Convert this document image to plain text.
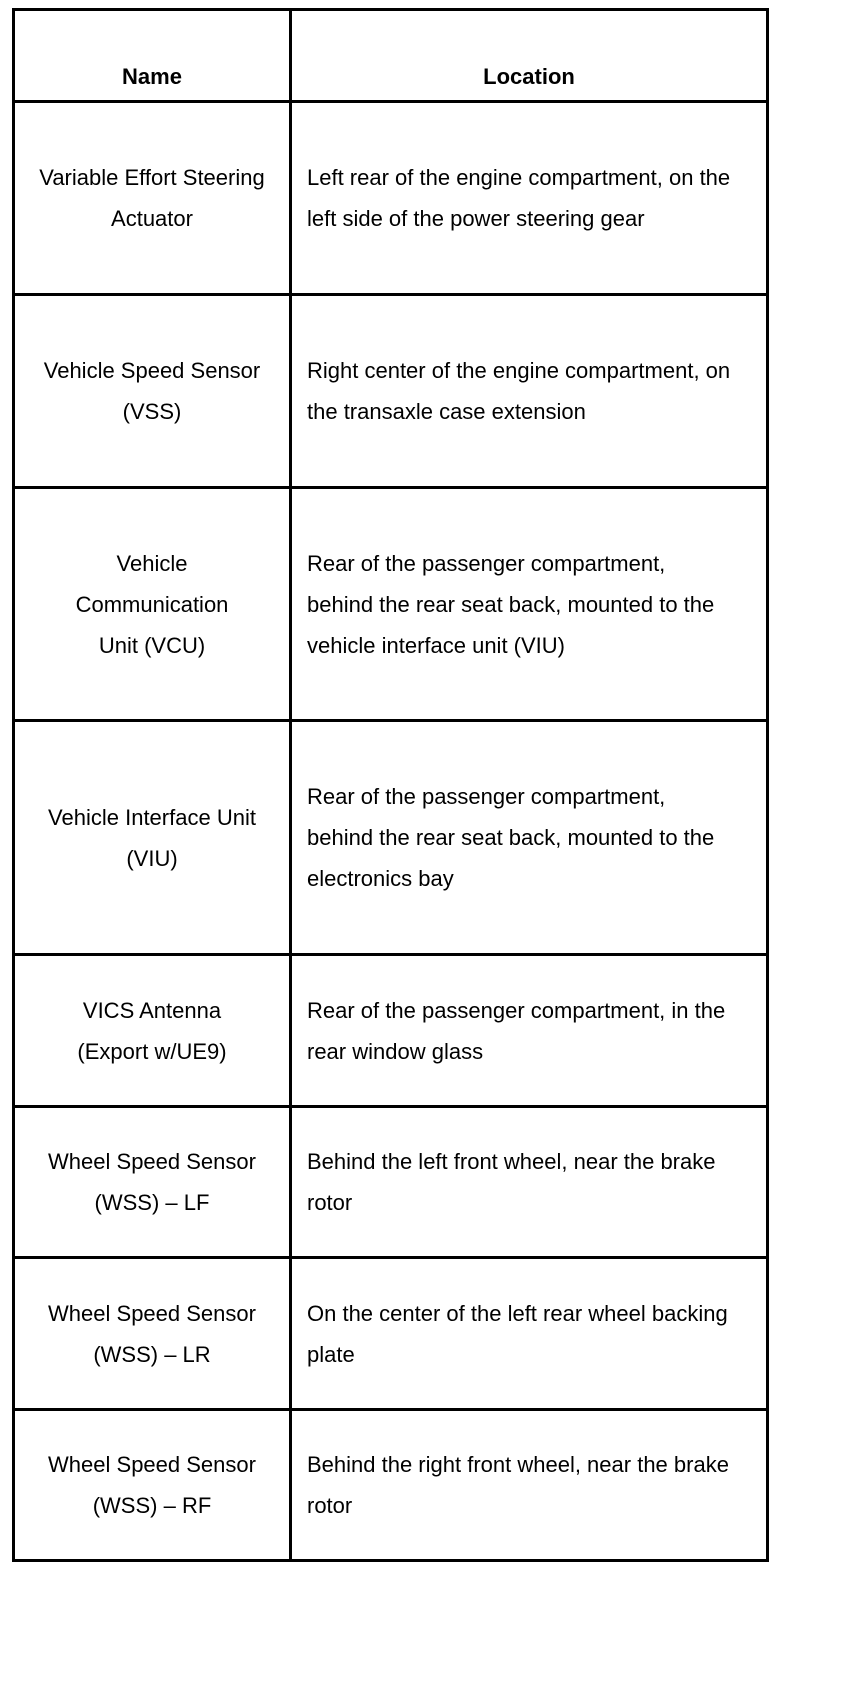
Name	Location
Variable Effort Steering Actuator	Left rear of the engine compartment, on the left side of the power steering gear
Vehicle Speed Sensor (VSS)	Right center of the engine compartment, on the transaxle case extension
Vehicle Communication Unit (VCU)	Rear of the passenger compartment, behind the rear seat back, mounted to the vehicle interface unit (VIU)
Vehicle Interface Unit (VIU)	Rear of the passenger compartment, behind the rear seat back, mounted to the electronics bay
VICS Antenna (Export w/UE9)	Rear of the passenger compartment, in the rear window glass
Wheel Speed Sensor (WSS) – LF	Behind the left front wheel, near the brake rotor
Wheel Speed Sensor (WSS) – LR	On the center of the left rear wheel backing plate
Wheel Speed Sensor (WSS) – RF	Behind the right front wheel, near the brake rotor
